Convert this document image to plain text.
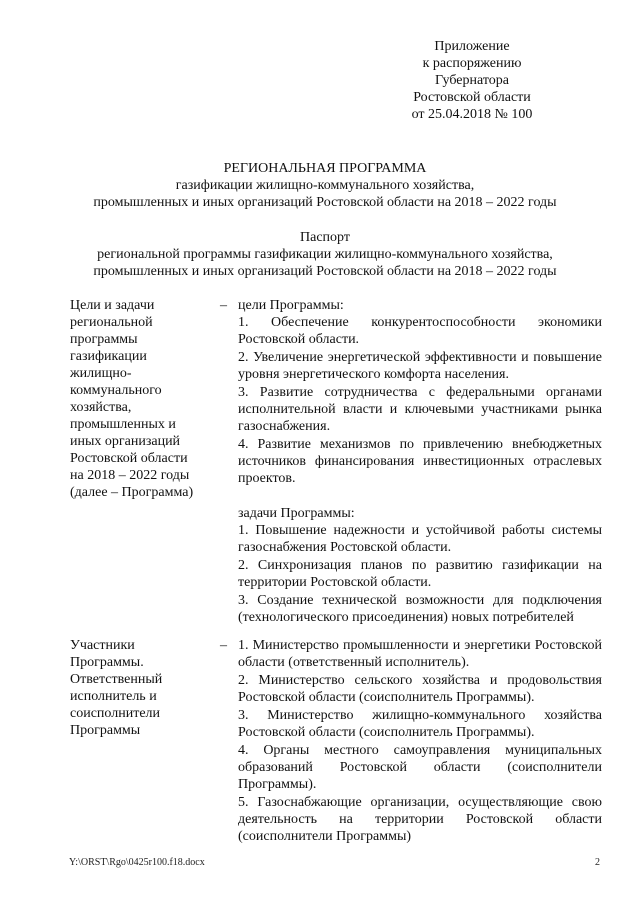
Приложение
к распоряжению
Губернатора
Ростовской области
от 25.04.2018 № 100
РЕГИОНАЛЬНАЯ ПРОГРАММА
газификации жилищно-коммунального хозяйства,
промышленных и иных организаций Ростовской области на 2018 – 2022 годы
Паспорт
региональной программы газификации жилищно-коммунального хозяйства,
промышленных и иных организаций Ростовской области на 2018 – 2022 годы
Цели и задачи
региональной
программы
газификации
жилищно-
коммунального
хозяйства,
промышленных и
иных организаций
Ростовской области
на 2018 – 2022 годы
(далее – Программа)
– цели Программы:

1. Обеспечение конкурентоспособности экономики Ростовской области.

2. Увеличение энергетической эффективности и повышение уровня энергетического комфорта населения.

3. Развитие сотрудничества с федеральными органами исполнительной власти и ключевыми участниками рынка газоснабжения.

4. Развитие механизмов по привлечению внебюджетных источников финансирования инвестиционных отраслевых проектов.

задачи Программы:

1. Повышение надежности и устойчивой работы системы газоснабжения Ростовской области.

2. Синхронизация планов по развитию газификации на территории Ростовской области.

3. Создание технической возможности для подключения (технологического присоединения) новых потребителей

Участники
Программы.
Ответственный
исполнитель и
соисполнители
Программы
– 1. Министерство промышленности и энергетики Ростовской области (ответственный исполнитель).

2. Министерство сельского хозяйства и продовольствия Ростовской области (соисполнитель Программы).

3. Министерство жилищно-коммунального хозяйства Ростовской области (соисполнитель Программы).

4. Органы местного самоуправления муниципальных образований Ростовской области (соисполнители Программы).

5. Газоснабжающие организации, осуществляющие свою деятельность на территории Ростовской области (соисполнители Программы)

Y:\ORST\Rgo\0425r100.f18.docx	2
